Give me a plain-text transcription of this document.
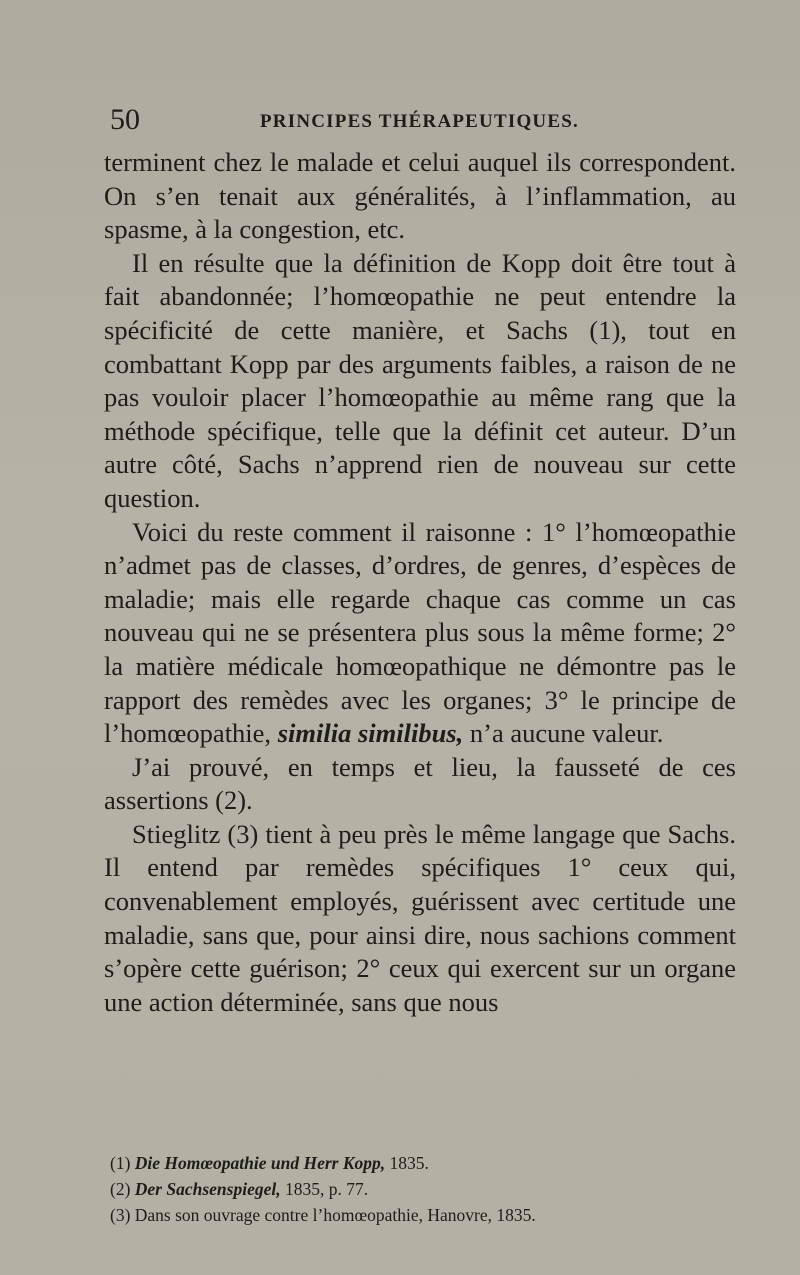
50	PRINCIPES THÉRAPEUTIQUES.

terminent chez le malade et celui auquel ils correspondent. On s’en tenait aux généralités, à l’inflammation, au spasme, à la congestion, etc.

Il en résulte que la définition de Kopp doit être tout à fait abandonnée; l’homœopathie ne peut entendre la spécificité de cette manière, et Sachs (1), tout en combattant Kopp par des arguments faibles, a raison de ne pas vouloir placer l’homœopathie au même rang que la méthode spécifique, telle que la définit cet auteur. D’un autre côté, Sachs n’apprend rien de nouveau sur cette question.

Voici du reste comment il raisonne : 1° l’homœopathie n’admet pas de classes, d’ordres, de genres, d’espèces de maladie; mais elle regarde chaque cas comme un cas nouveau qui ne se présentera plus sous la même forme; 2° la matière médicale homœopathique ne démontre pas le rapport des remèdes avec les organes; 3° le principe de l’homœopathie, similia similibus, n’a aucune valeur.

J’ai prouvé, en temps et lieu, la fausseté de ces assertions (2).

Stieglitz (3) tient à peu près le même langage que Sachs. Il entend par remèdes spécifiques 1° ceux qui, convenablement employés, guérissent avec certitude une maladie, sans que, pour ainsi dire, nous sachions comment s’opère cette guérison; 2° ceux qui exercent sur un organe une action déterminée, sans que nous

(1) Die Homœopathie und Herr Kopp, 1835.

(2) Der Sachsenspiegel, 1835, p. 77.

(3) Dans son ouvrage contre l’homœopathie, Hanovre, 1835.
